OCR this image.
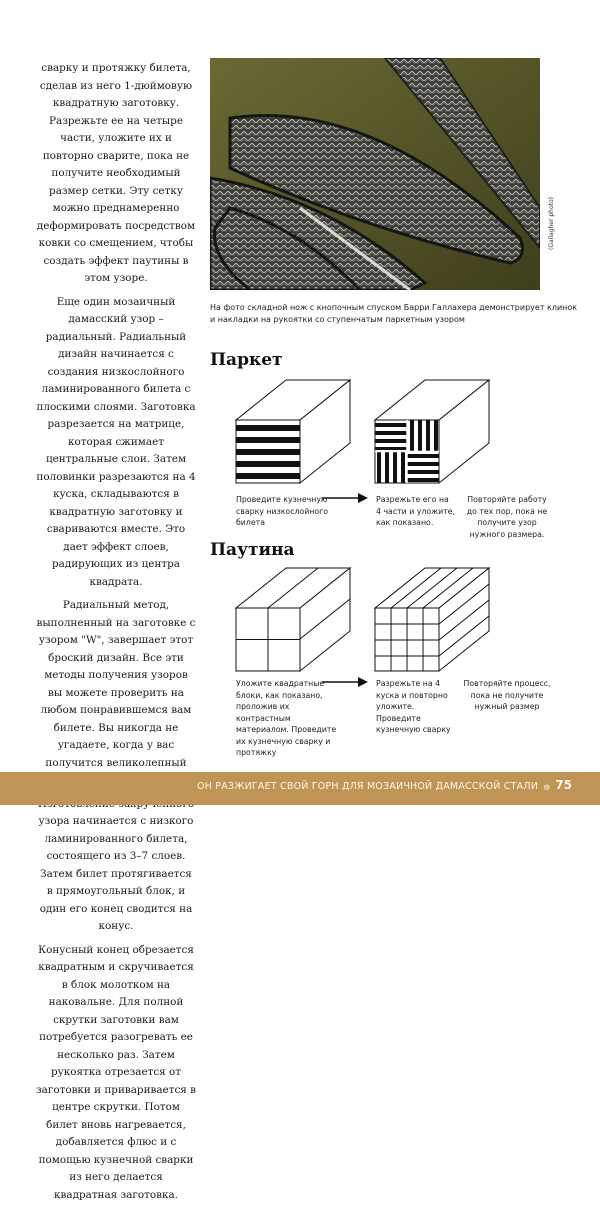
сварку и протяжку билета, сделав из него 1-дюймовую квадратную заготовку. Разрежьте ее на четыре части, уложите их и повторно сварите, пока не получите необходимый размер сетки. Эту сетку можно преднамеренно деформировать посредством ковки со смещением, чтобы создать эффект паутины в этом узоре.

Еще один мозаичный дамасский узор – радиальный. Радиальный дизайн начинается с создания низкослойного ламинированного билета с плоскими слоями. Заготовка разрезается на матрице, которая сжимает центральные слои. Затем половинки разрезаются на 4 куска, складываются в квадратную заготовку и свариваются вместе. Это дает эффект слоев, радирующих из центра квадрата.

Радиальный метод, выполненный на заготовке с узором "W", завершает этот броский дизайн. Все эти методы получения узоров вы можете проверить на любом понравившемся вам билете. Вы никогда не угадаете, когда у вас получится великолепный

узора начинается с низкого ламинированного билета, состоящего из 3–7 слоев. Затем билет протягивается в прямоугольный блок, и один его конец сводится на конус.

Конусный конец обрезается квадратным и скручивается в блок молотком на наковальне. Для полной скрутки заготовки вам потребуется разогревать ее несколько раз. Затем рукоятка отрезается от заготовки и приваривается в центре скрутки. Потом билет вновь нагревается, добавляется флюс и с помощью кузнечной сварки из него делается квадратная заготовка.

(Gallagher photo)
На фото складной нож с кнопочным спуском Барри Галлахера демонстрирует клинок и накладки на рукоятки со ступенчатым паркетным узором
Паркет
Проведите кузнечную сварку низкослойного билета
Разрежьте его на 4 части и уложите, как показано.
Повторяйте работу до тех пор, пока не получите узор нужного размера.
Паутина
Уложите квадратные блоки, как показано, проложив их контрастным материалом. Проведите их кузнечную сварку и протяжку
Разрежьте на 4 куска и повторно уложите. Проведите кузнечную сварку
Повторяйте процесс, пока не получите нужный размер
ОН РАЗЖИГАЕТ СВОЙ ГОРН ДЛЯ МОЗАИЧНОЙ ДАМАССКОЙ СТАЛИ ᪥ 75
